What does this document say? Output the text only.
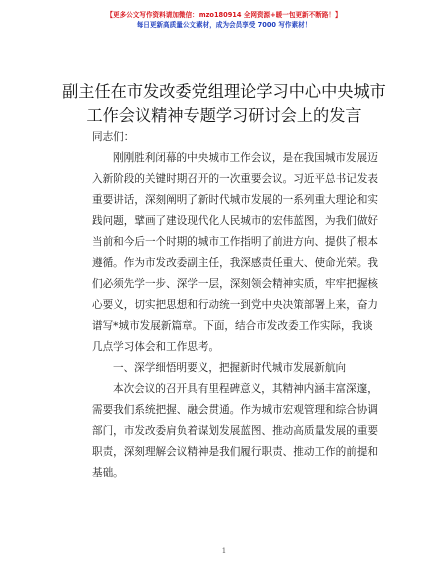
【更多公文写作资料请加微信：mzo180914 全网资源+暖一包更新不断路！】
每日更新高质量公文素材，成为会员享受 7000 写作素材！
副主任在市发改委党组理论学习中心中央城市
工作会议精神专题学习研讨会上的发言
同志们：

刚刚胜利闭幕的中央城市工作会议，是在我国城市发展迈
入新阶段的关键时期召开的一次重要会议。习近平总书记发表
重要讲话，深刻阐明了新时代城市发展的一系列重大理论和实
践问题，擘画了建设现代化人民城市的宏伟蓝图，为我们做好
当前和今后一个时期的城市工作指明了前进方向、提供了根本
遵循。作为市发改委副主任，我深感责任重大、使命光荣。我
们必须先学一步、深学一层，深刻领会精神实质，牢牢把握核
心要义，切实把思想和行动统一到党中央决策部署上来，奋力
谱写*城市发展新篇章。下面，结合市发改委工作实际，我谈
几点学习体会和工作思考。

一、深学细悟明要义，把握新时代城市发展新航向

本次会议的召开具有里程碑意义，其精神内涵丰富深邃，
需要我们系统把握、融会贯通。作为城市宏观管理和综合协调
部门，市发改委肩负着谋划发展蓝图、推动高质量发展的重要
职责，深刻理解会议精神是我们履行职责、推动工作的前提和
基础。

1
